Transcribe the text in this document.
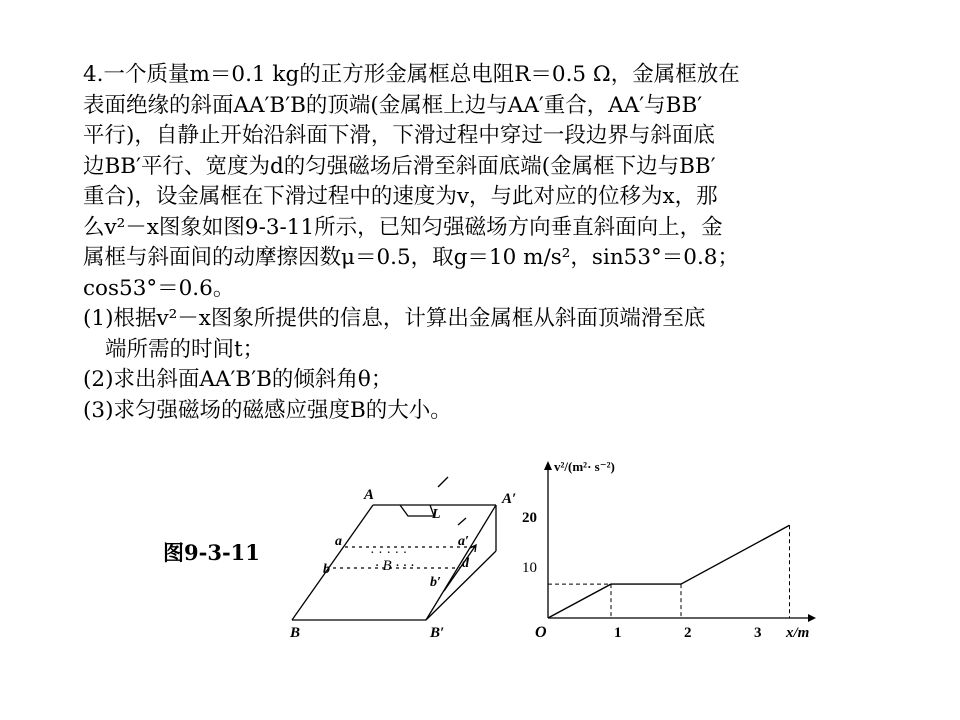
4.一个质量m＝0.1 kg的正方形金属框总电阻R＝0.5 Ω，金属框放在
表面绝缘的斜面AA′B′B的顶端(金属框上边与AA′重合，AA′与BB′
平行)，自静止开始沿斜面下滑，下滑过程中穿过一段边界与斜面底
边BB′平行、宽度为d的匀强磁场后滑至斜面底端(金属框下边与BB′
重合)，设金属框在下滑过程中的速度为v，与此对应的位移为x，那
么v²－x图象如图9-3-11所示，已知匀强磁场方向垂直斜面向上，金
属框与斜面间的动摩擦因数μ＝0.5，取g＝10 m/s²，sin53°＝0.8；
cos53°＝0.6。
(1)根据v²－x图象所提供的信息，计算出金属框从斜面顶端滑至底
端所需的时间t；
(2)求出斜面AA′B′B的倾斜角θ；
(3)求匀强磁场的磁感应强度B的大小。
图9-3-11
A	A′
B	B′
a	a′
b
b′
L
d
· B · · ·
· · · · ·
v²/(m²· s⁻²)
x/m
O	1	2	3
10
20
